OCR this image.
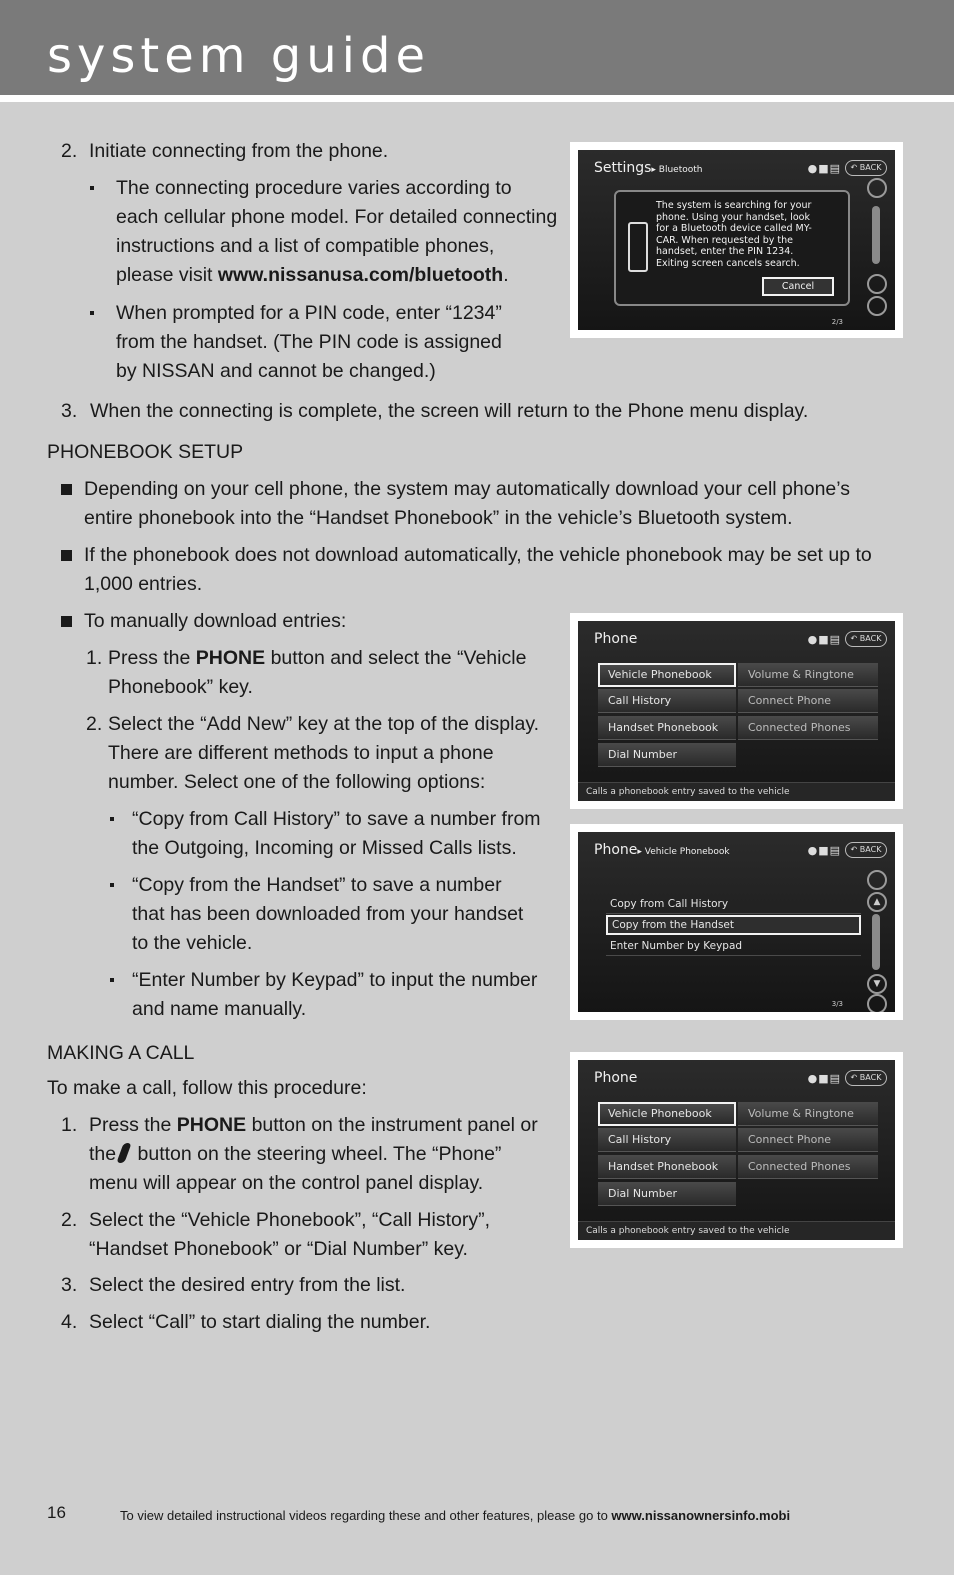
system guide
2. Initiate connecting from the phone.
The connecting procedure varies according to
each cellular phone model. For detailed connecting
instructions and a list of compatible phones,
please visit www.nissanusa.com/bluetooth.
When prompted for a PIN code, enter “1234”
from the handset. (The PIN code is assigned
by NISSAN and cannot be changed.)
3. When the connecting is complete, the screen will return to the Phone menu display.
PHONEBOOK SETUP
Depending on your cell phone, the system may automatically download your cell phone’s
entire phonebook into the “Handset Phonebook” in the vehicle’s Bluetooth system.
If the phonebook does not download automatically, the vehicle phonebook may be set up to
1,000 entries.
To manually download entries:
1. Press the PHONE button and select the “Vehicle
Phonebook” key.
2. Select the “Add New” key at the top of the display.
There are different methods to input a phone
number. Select one of the following options:
“Copy from Call History” to save a number from
the Outgoing, Incoming or Missed Calls lists.
“Copy from the Handset” to save a number
that has been downloaded from your handset
to the vehicle.
“Enter Number by Keypad” to input the number
and name manually.
MAKING A CALL
To make a call, follow this procedure:
1. Press the PHONE button on the instrument panel or
the button on the steering wheel. The “Phone”
menu will appear on the control panel display.
2. Select the “Vehicle Phonebook”, “Call History”,
“Handset Phonebook” or “Dial Number” key.
3. Select the desired entry from the list.
4. Select “Call” to start dialing the number.
Settings▸ Bluetooth	●■▤	↶ BACK
The system is searching for your
phone. Using your handset, look
for a Bluetooth device called MY-
CAR. When requested by the
handset, enter the PIN 1234.
Exiting screen cancels search.
Cancel
2/3
Phone	●■▤	↶ BACK
Vehicle Phonebook
Call History
Handset Phonebook
Dial Number
Volume & Ringtone
Connect Phone
Connected Phones
Calls a phonebook entry saved to the vehicle
Phone▸ Vehicle Phonebook	●■▤	↶ BACK
Copy from Call History
Copy from the Handset
Enter Number by Keypad
▲
▼
3/3
Phone	●■▤	↶ BACK
Vehicle Phonebook
Call History
Handset Phonebook
Dial Number
Volume & Ringtone
Connect Phone
Connected Phones
Calls a phonebook entry saved to the vehicle
16	To view detailed instructional videos regarding these and other features, please go to www.nissanownersinfo.mobi
